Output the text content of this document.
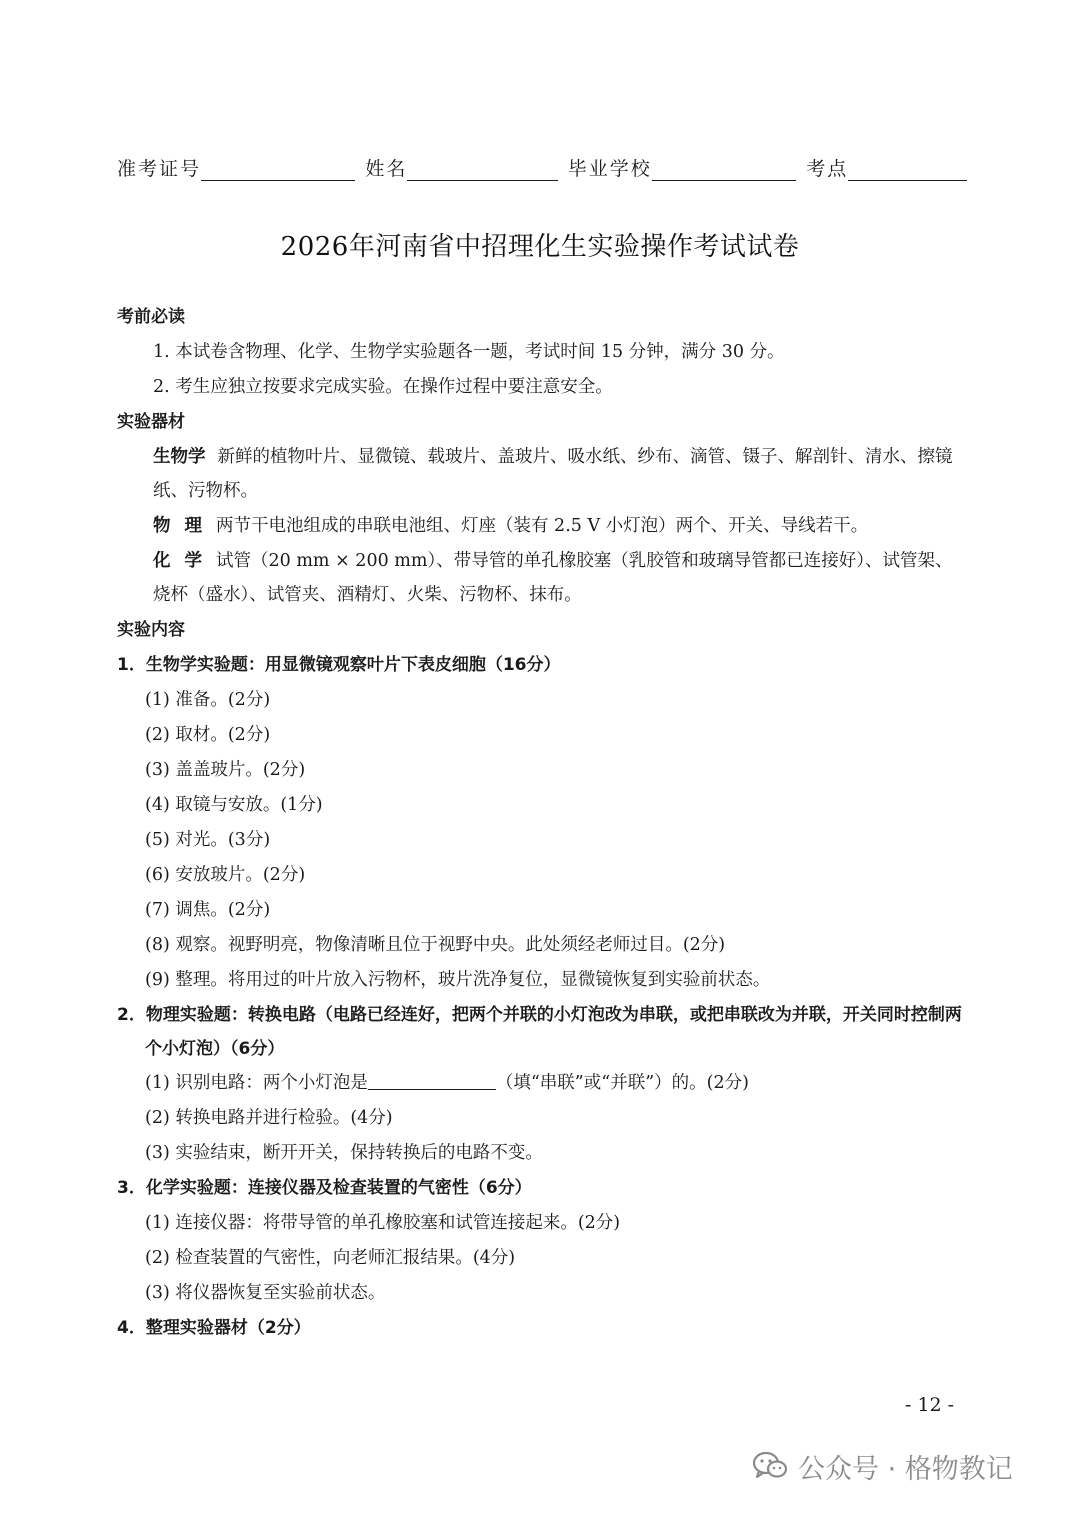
准考证号	姓名	毕业学校	考点
2026年河南省中招理化生实验操作考试试卷
考前必读
1. 本试卷含物理、化学、生物学实验题各一题，考试时间 15 分钟，满分 30 分。
2. 考生应独立按要求完成实验。在操作过程中要注意安全。
实验器材
生物学 新鲜的植物叶片、显微镜、载玻片、盖玻片、吸水纸、纱布、滴管、镊子、解剖针、清水、擦镜纸、污物杯。
物理两节干电池组成的串联电池组、灯座（装有 2.5 V 小灯泡）两个、开关、导线若干。
化学试管（20 mm × 200 mm）、带导管的单孔橡胶塞（乳胶管和玻璃导管都已连接好）、试管架、烧杯（盛水）、试管夹、酒精灯、火柴、污物杯、抹布。
实验内容
1．生物学实验题：用显微镜观察叶片下表皮细胞（16分）
(1) 准备。(2分)
(2) 取材。(2分)
(3) 盖盖玻片。(2分)
(4) 取镜与安放。(1分)
(5) 对光。(3分)
(6) 安放玻片。(2分)
(7) 调焦。(2分)
(8) 观察。视野明亮，物像清晰且位于视野中央。此处须经老师过目。(2分)
(9) 整理。将用过的叶片放入污物杯，玻片洗净复位，显微镜恢复到实验前状态。
2．物理实验题：转换电路（电路已经连好，把两个并联的小灯泡改为串联，或把串联改为并联，开关同时控制两个小灯泡）（6分）
(1) 识别电路：两个小灯泡是	（填“串联”或“并联”）的。(2分)
(2) 转换电路并进行检验。(4分)
(3) 实验结束，断开开关，保持转换后的电路不变。
3．化学实验题：连接仪器及检查装置的气密性（6分）
(1) 连接仪器：将带导管的单孔橡胶塞和试管连接起来。(2分)
(2) 检查装置的气密性，向老师汇报结果。(4分)
(3) 将仪器恢复至实验前状态。
4．整理实验器材（2分）
- 12 -
公众号 · 格物教记
